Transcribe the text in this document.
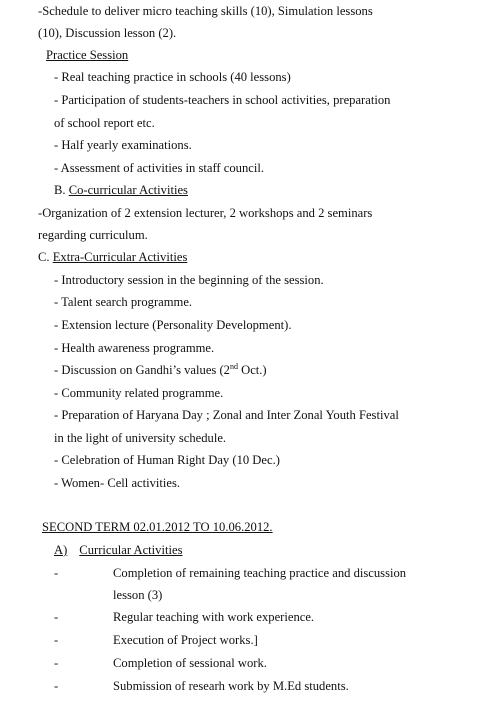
-Schedule to deliver micro teaching skills (10), Simulation lessons
(10), Discussion lesson (2).
Practice Session
- Real teaching practice in schools (40 lessons)
- Participation of students-teachers in school activities, preparation
of school report etc.
- Half yearly examinations.
- Assessment of activities in staff council.
B. Co-curricular Activities
-Organization of 2 extension lecturer, 2 workshops and 2 seminars
regarding curriculum.
C. Extra-Curricular Activities
- Introductory session in the beginning of the session.
- Talent search programme.
- Extension lecture (Personality Development).
- Health awareness programme.
- Discussion on Gandhi’s values (2nd Oct.)
- Community related programme.
- Preparation of Haryana Day ; Zonal and Inter Zonal Youth Festival
in the light of university schedule.
- Celebration of Human Right Day (10 Dec.)
- Women- Cell activities.
SECOND TERM 02.01.2012 TO 10.06.2012.
A) Curricular Activities
-	Completion of remaining teaching practice and discussion
lesson (3)
-	Regular teaching with work experience.
-	Execution of Project works.]
-	Completion of sessional work.
-	Submission of researh work by M.Ed students.
